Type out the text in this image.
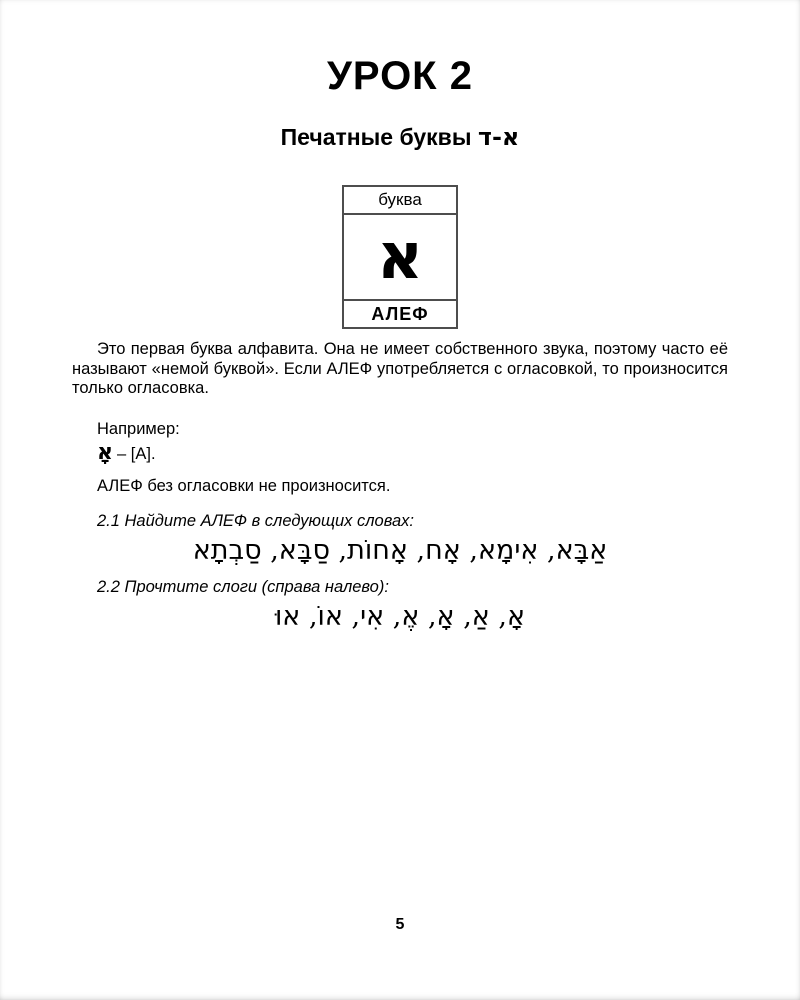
УРОК 2
Печатные буквы א-ד
буква
א
АЛЕФ

Это первая буква алфавита. Она не имеет собственного звука, поэтому часто её называют «немой буквой». Если АЛЕФ употребляется с огласовкой, то произносится только огласовка.

Например:

אָ – [А].

АЛЕФ без огласовки не произносится.

2.1 Найдите АЛЕФ в следующих словах:

אַבָּא, אִימָא, אָח, אָחוֹת, סַבָּא, סַבְתָא

2.2 Прочтите слоги (справа налево):

אָ, אַ, אָ, אֶ, אִי, אוֹ, אוּ

5
